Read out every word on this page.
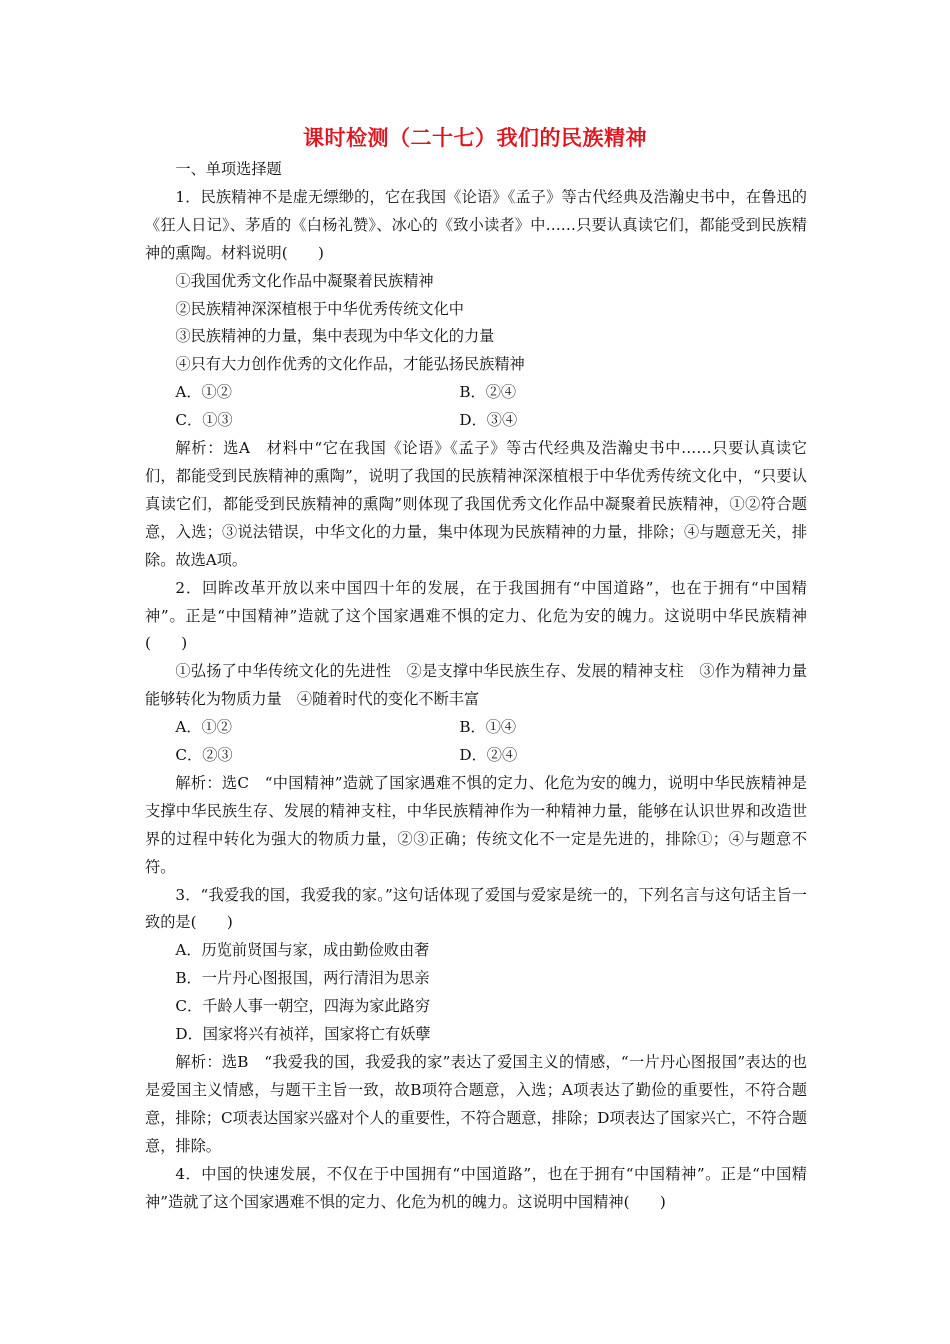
课时检测（二十七）我们的民族精神

一、单项选择题

1．民族精神不是虚无缥缈的，它在我国《论语》《孟子》等古代经典及浩瀚史书中，在鲁迅的《狂人日记》、茅盾的《白杨礼赞》、冰心的《致小读者》中……只要认真读它们，都能受到民族精神的熏陶。材料说明(　　)

①我国优秀文化作品中凝聚着民族精神

②民族精神深深植根于中华优秀传统文化中

③民族精神的力量，集中表现为中华文化的力量

④只有大力创作优秀的文化作品，才能弘扬民族精神

A．①②	B．②④
C．①③	D．③④

解析：选A　材料中“它在我国《论语》《孟子》等古代经典及浩瀚史书中……只要认真读它们，都能受到民族精神的熏陶”，说明了我国的民族精神深深植根于中华优秀传统文化中，“只要认真读它们，都能受到民族精神的熏陶”则体现了我国优秀文化作品中凝聚着民族精神，①②符合题意，入选；③说法错误，中华文化的力量，集中体现为民族精神的力量，排除；④与题意无关，排除。故选A项。

2．回眸改革开放以来中国四十年的发展，在于我国拥有“中国道路”，也在于拥有“中国精神”。正是“中国精神”造就了这个国家遇难不惧的定力、化危为安的魄力。这说明中华民族精神(　　)

①弘扬了中华传统文化的先进性　②是支撑中华民族生存、发展的精神支柱　③作为精神力量能够转化为物质力量　④随着时代的变化不断丰富

A．①②	B．①④
C．②③	D．②④

解析：选C　“中国精神”造就了国家遇难不惧的定力、化危为安的魄力，说明中华民族精神是支撑中华民族生存、发展的精神支柱，中华民族精神作为一种精神力量，能够在认识世界和改造世界的过程中转化为强大的物质力量，②③正确；传统文化不一定是先进的，排除①；④与题意不符。

3．“我爱我的国，我爱我的家。”这句话体现了爱国与爱家是统一的，下列名言与这句话主旨一致的是(　　)

A．历览前贤国与家，成由勤俭败由奢

B．一片丹心图报国，两行清泪为思亲

C．千龄人事一朝空，四海为家此路穷

D．国家将兴有祯祥，国家将亡有妖孽

解析：选B　“我爱我的国，我爱我的家”表达了爱国主义的情感，“一片丹心图报国”表达的也是爱国主义情感，与题干主旨一致，故B项符合题意，入选；A项表达了勤俭的重要性，不符合题意，排除；C项表达国家兴盛对个人的重要性，不符合题意，排除；D项表达了国家兴亡，不符合题意，排除。

4．中国的快速发展，不仅在于中国拥有“中国道路”，也在于拥有“中国精神”。正是“中国精神”造就了这个国家遇难不惧的定力、化危为机的魄力。这说明中国精神(　　)
